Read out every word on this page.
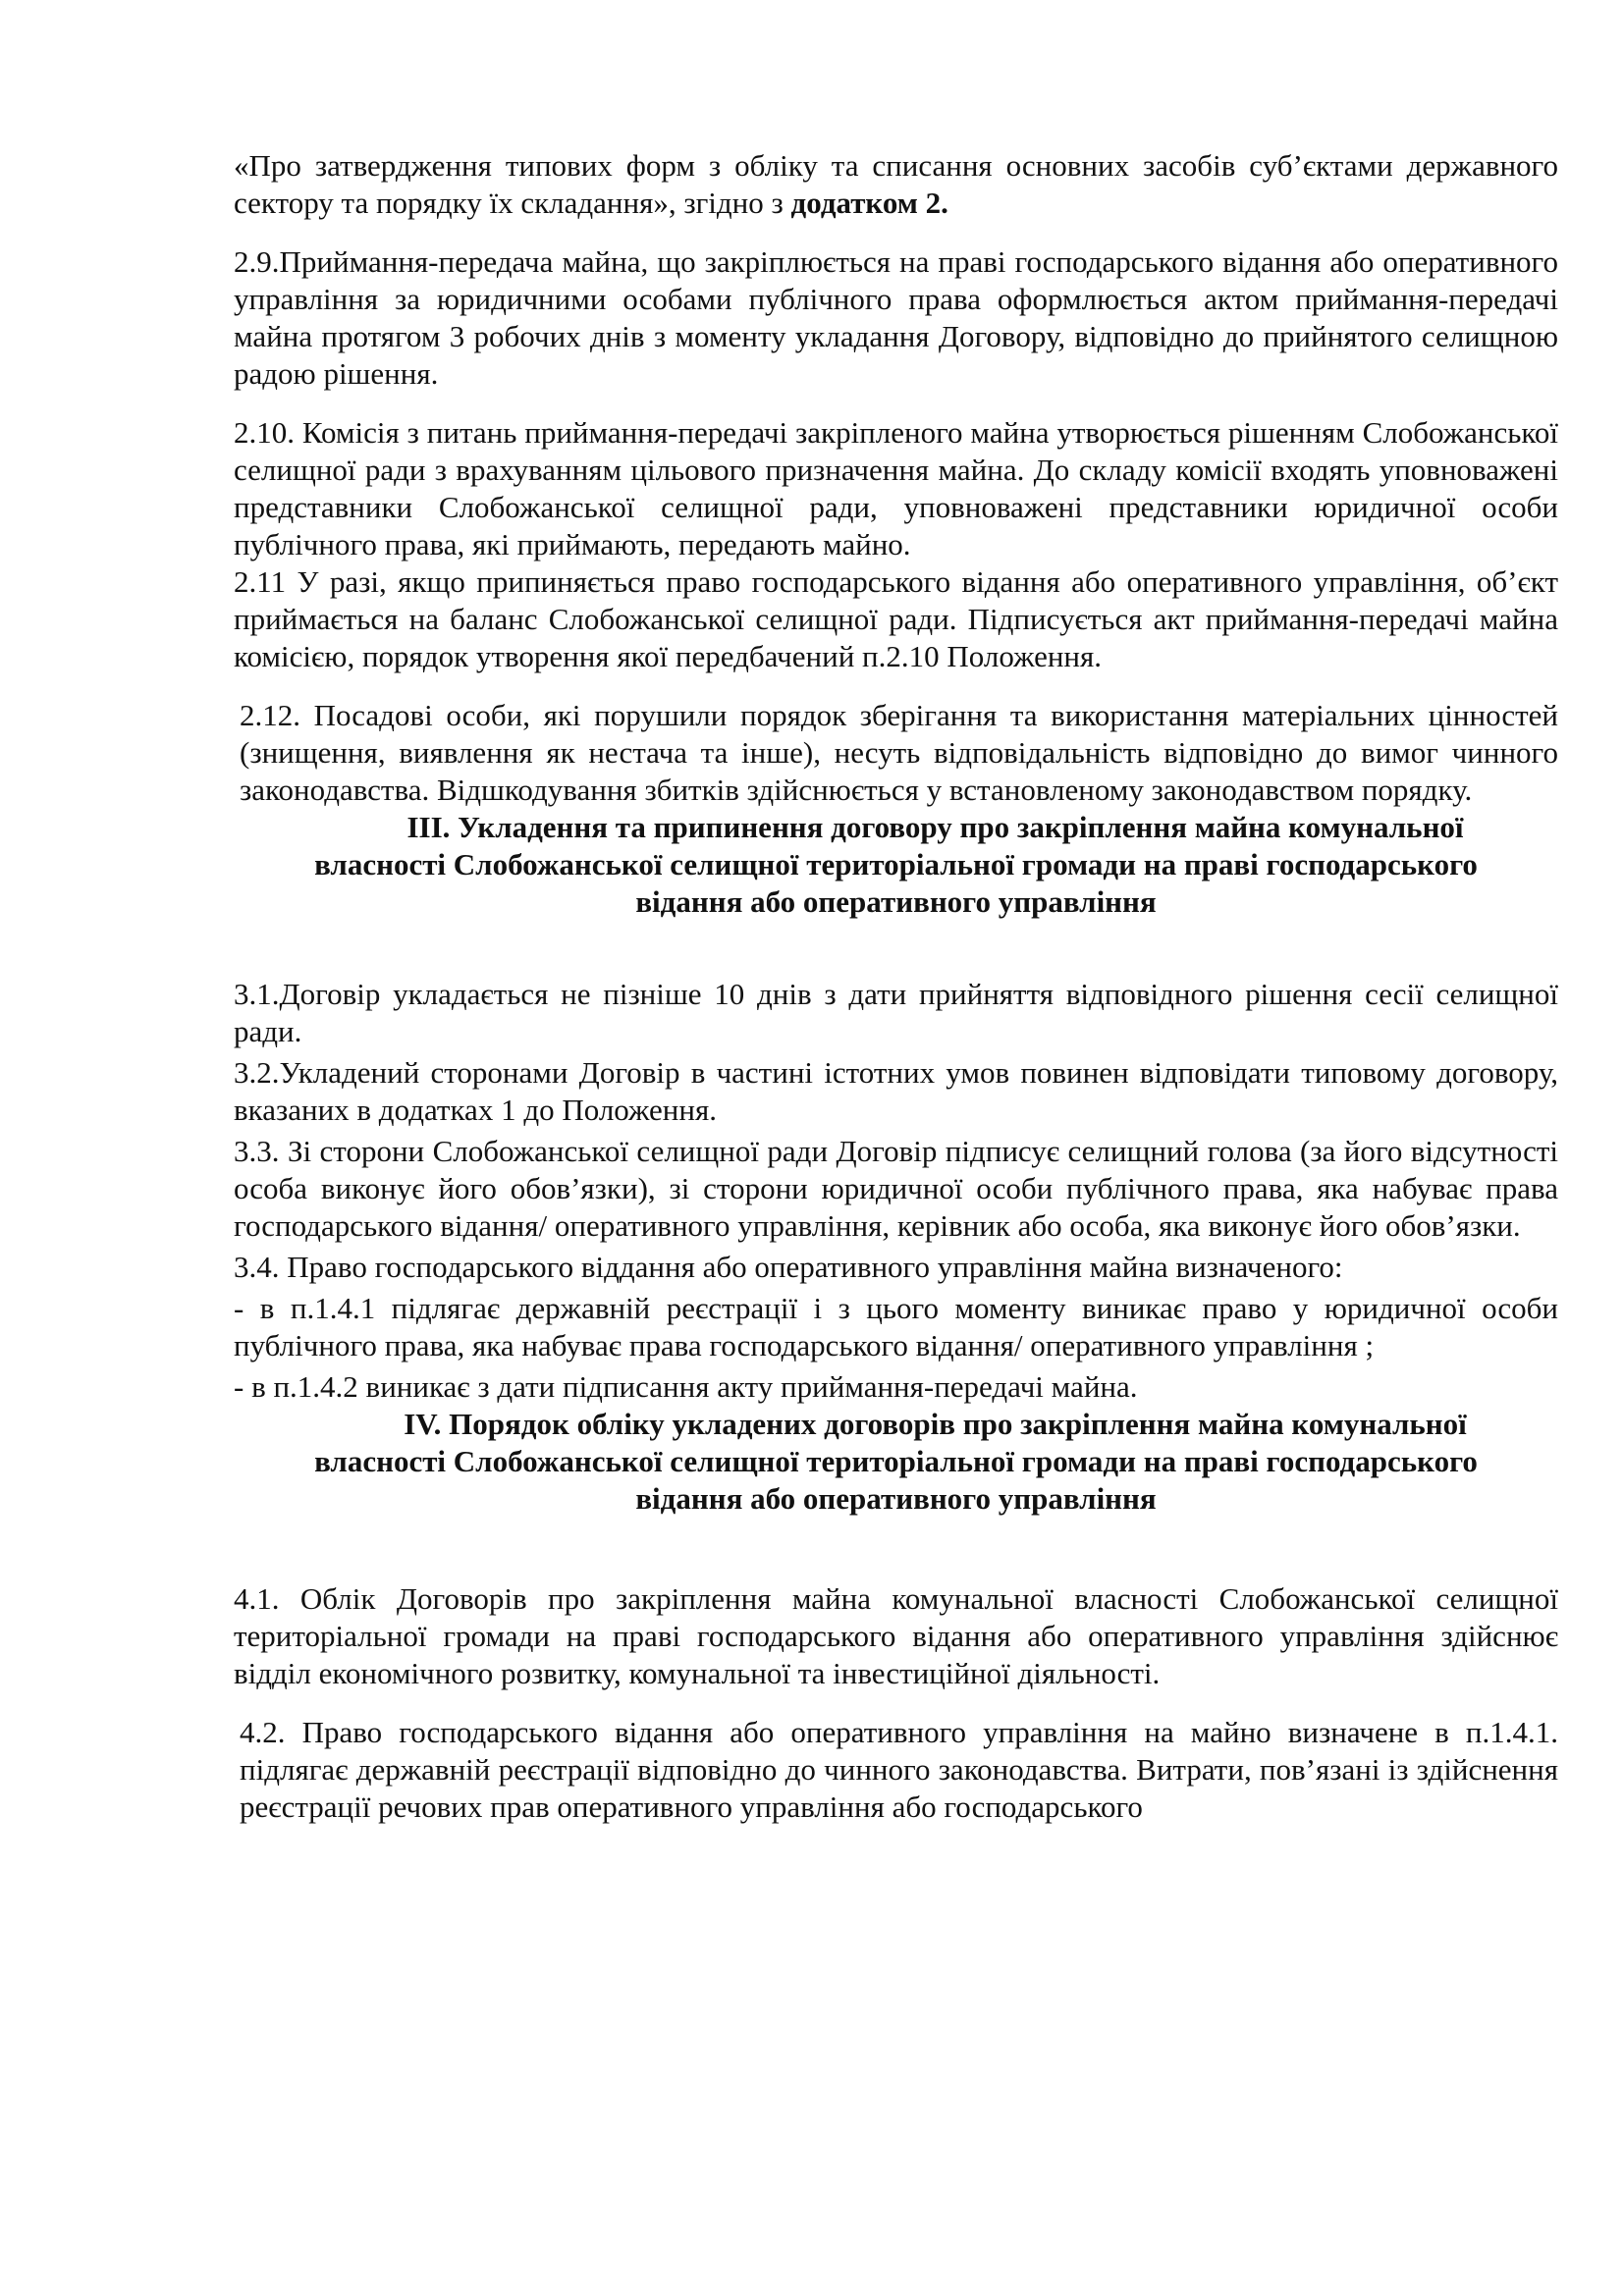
«Про затвердження типових форм з обліку та списання основних засобів суб’єктами державного сектору та порядку їх складання», згідно з додатком 2.

2.9.Приймання-передача майна, що закріплюється на праві господарського відання або оперативного управління за юридичними особами публічного права оформлюється актом приймання-передачі майна протягом 3 робочих днів з моменту укладання Договору, відповідно до прийнятого селищною радою рішення.

2.10. Комісія з питань приймання-передачі закріпленого майна утворюється рішенням Слобожанської селищної ради з врахуванням цільового призначення майна. До складу комісії входять уповноважені представники Слобожанської селищної ради, уповноважені представники юридичної особи публічного права, які приймають, передають майно.

2.11 У разі, якщо припиняється право господарського відання або оперативного управління, об’єкт приймається на баланс Слобожанської селищної ради. Підписується акт приймання-передачі майна комісією, порядок утворення якої передбачений п.2.10 Положення.

2.12. Посадові особи, які порушили порядок зберігання та використання матеріальних цінностей (знищення, виявлення як нестача та інше), несуть відповідальність відповідно до вимог чинного законодавства. Відшкодування збитків здійснюється у встановленому законодавством порядку.

ІІІ. Укладення та припинення договору про закріплення майна комунальної
власності Слобожанської селищної територіальної громади на праві господарського
відання або оперативного управління

3.1.Договір укладається не пізніше 10 днів з дати прийняття відповідного рішення сесії селищної ради.

3.2.Укладений сторонами Договір в частині істотних умов повинен відповідати типовому договору, вказаних в додатках 1 до Положення.

3.3. Зі сторони Слобожанської селищної ради Договір підписує селищний голова (за його відсутності особа виконує його обов’язки), зі сторони юридичної особи публічного права, яка набуває права господарського відання/ оперативного управління, керівник або особа, яка виконує його обов’язки.

3.4. Право господарського віддання або оперативного управління майна визначеного:

- в п.1.4.1 підлягає державній реєстрації і з цього моменту виникає право у юридичної особи публічного права, яка набуває права господарського відання/ оперативного управління ;

- в п.1.4.2 виникає з дати підписання акту приймання-передачі майна.

ІV. Порядок обліку укладених договорів про закріплення майна комунальної
власності Слобожанської селищної територіальної громади на праві господарського
відання або оперативного управління

4.1. Облік Договорів про закріплення майна комунальної власності Слобожанської селищної територіальної громади на праві господарського відання або оперативного управління здійснює відділ економічного розвитку, комунальної та інвестиційної діяльності.

4.2. Право господарського відання або оперативного управління на майно визначене в п.1.4.1. підлягає державній реєстрації відповідно до чинного законодавства. Витрати, пов’язані із здійснення реєстрації речових прав оперативного управління або господарського
